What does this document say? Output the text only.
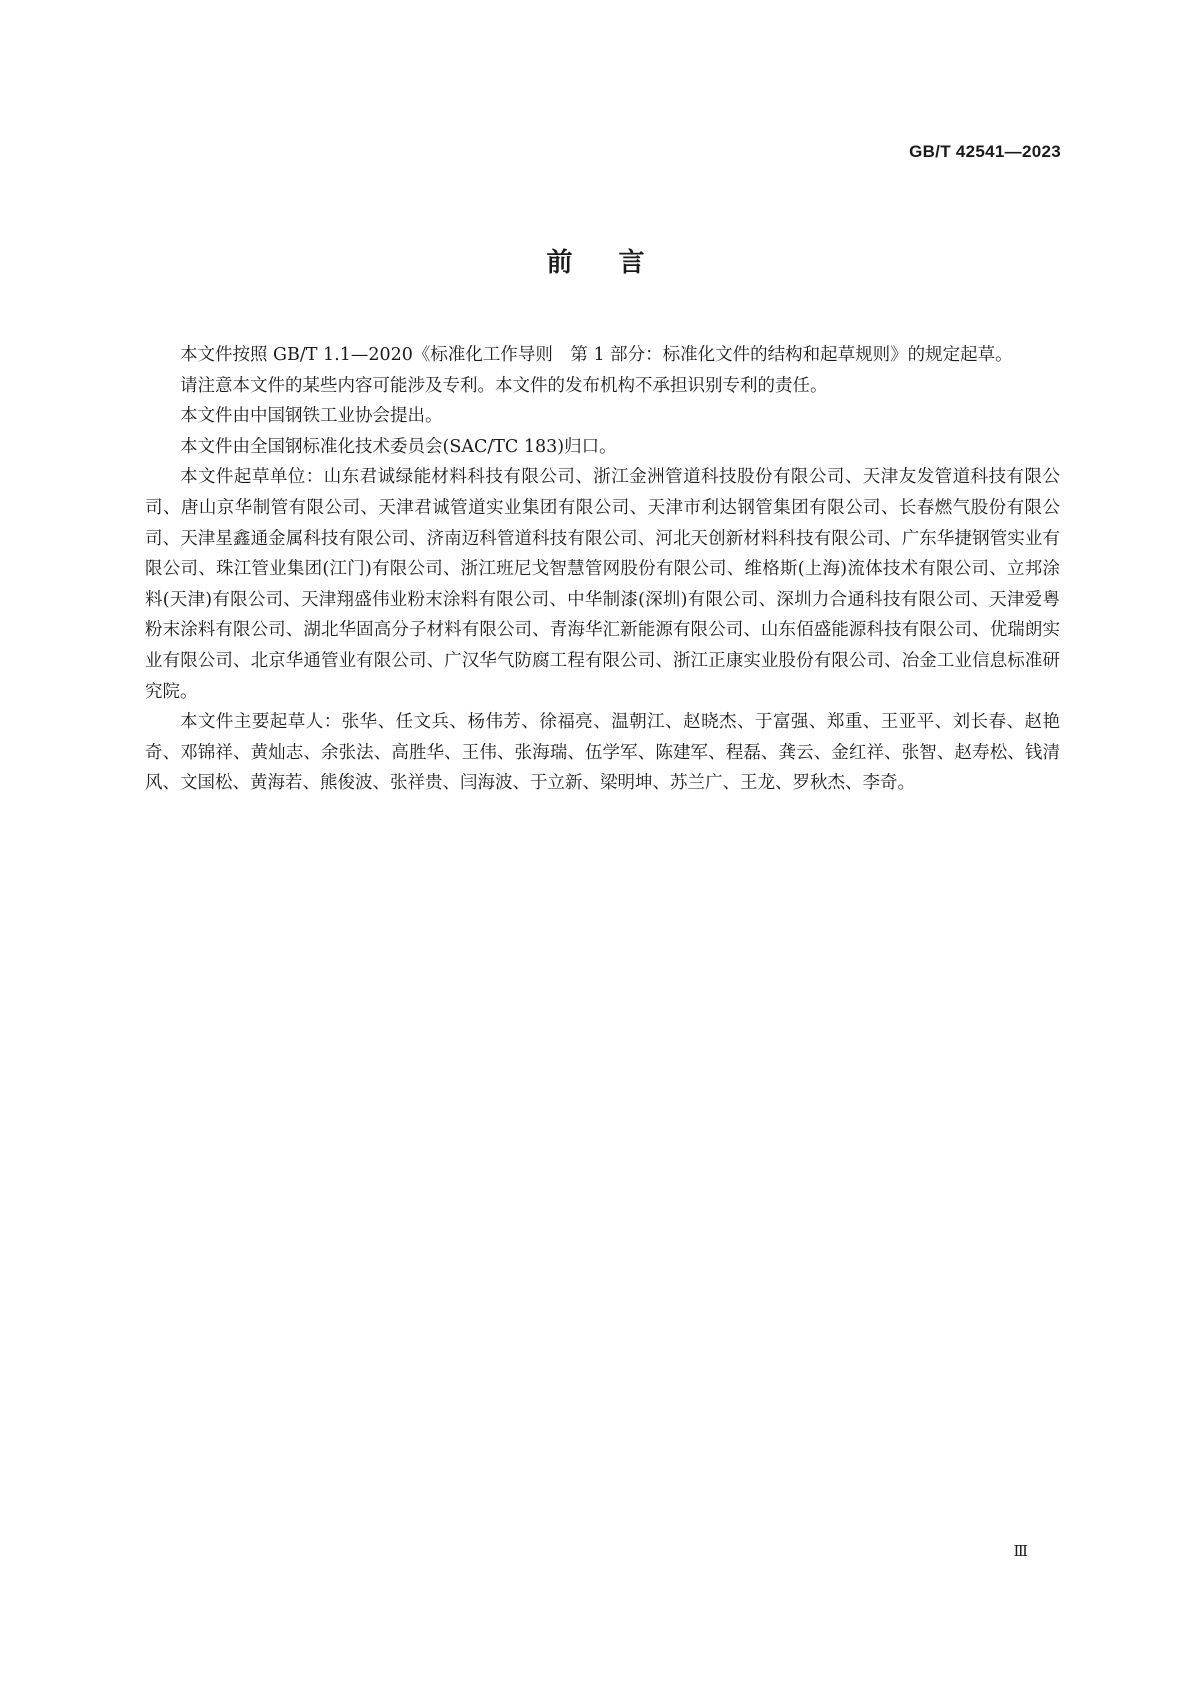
GB/T 42541—2023
前言

本文件按照 GB/T 1.1—2020《标准化工作导则　第 1 部分：标准化文件的结构和起草规则》的规定起草。

请注意本文件的某些内容可能涉及专利。本文件的发布机构不承担识别专利的责任。

本文件由中国钢铁工业协会提出。

本文件由全国钢标准化技术委员会(SAC/TC 183)归口。

本文件起草单位：山东君诚绿能材料科技有限公司、浙江金洲管道科技股份有限公司、天津友发管道科技有限公司、唐山京华制管有限公司、天津君诚管道实业集团有限公司、天津市利达钢管集团有限公司、长春燃气股份有限公司、天津星鑫通金属科技有限公司、济南迈科管道科技有限公司、河北天创新材料科技有限公司、广东华捷钢管实业有限公司、珠江管业集团(江门)有限公司、浙江班尼戈智慧管网股份有限公司、维格斯(上海)流体技术有限公司、立邦涂料(天津)有限公司、天津翔盛伟业粉末涂料有限公司、中华制漆(深圳)有限公司、深圳力合通科技有限公司、天津爱粤粉末涂料有限公司、湖北华固高分子材料有限公司、青海华汇新能源有限公司、山东佰盛能源科技有限公司、优瑞朗实业有限公司、北京华通管业有限公司、广汉华气防腐工程有限公司、浙江正康实业股份有限公司、冶金工业信息标准研究院。

本文件主要起草人：张华、任文兵、杨伟芳、徐福亮、温朝江、赵晓杰、于富强、郑重、王亚平、刘长春、赵艳奇、邓锦祥、黄灿志、余张法、高胜华、王伟、张海瑞、伍学军、陈建军、程磊、龚云、金红祥、张智、赵寿松、钱清风、文国松、黄海若、熊俊波、张祥贵、闫海波、于立新、梁明坤、苏兰广、王龙、罗秋杰、李奇。

Ⅲ
